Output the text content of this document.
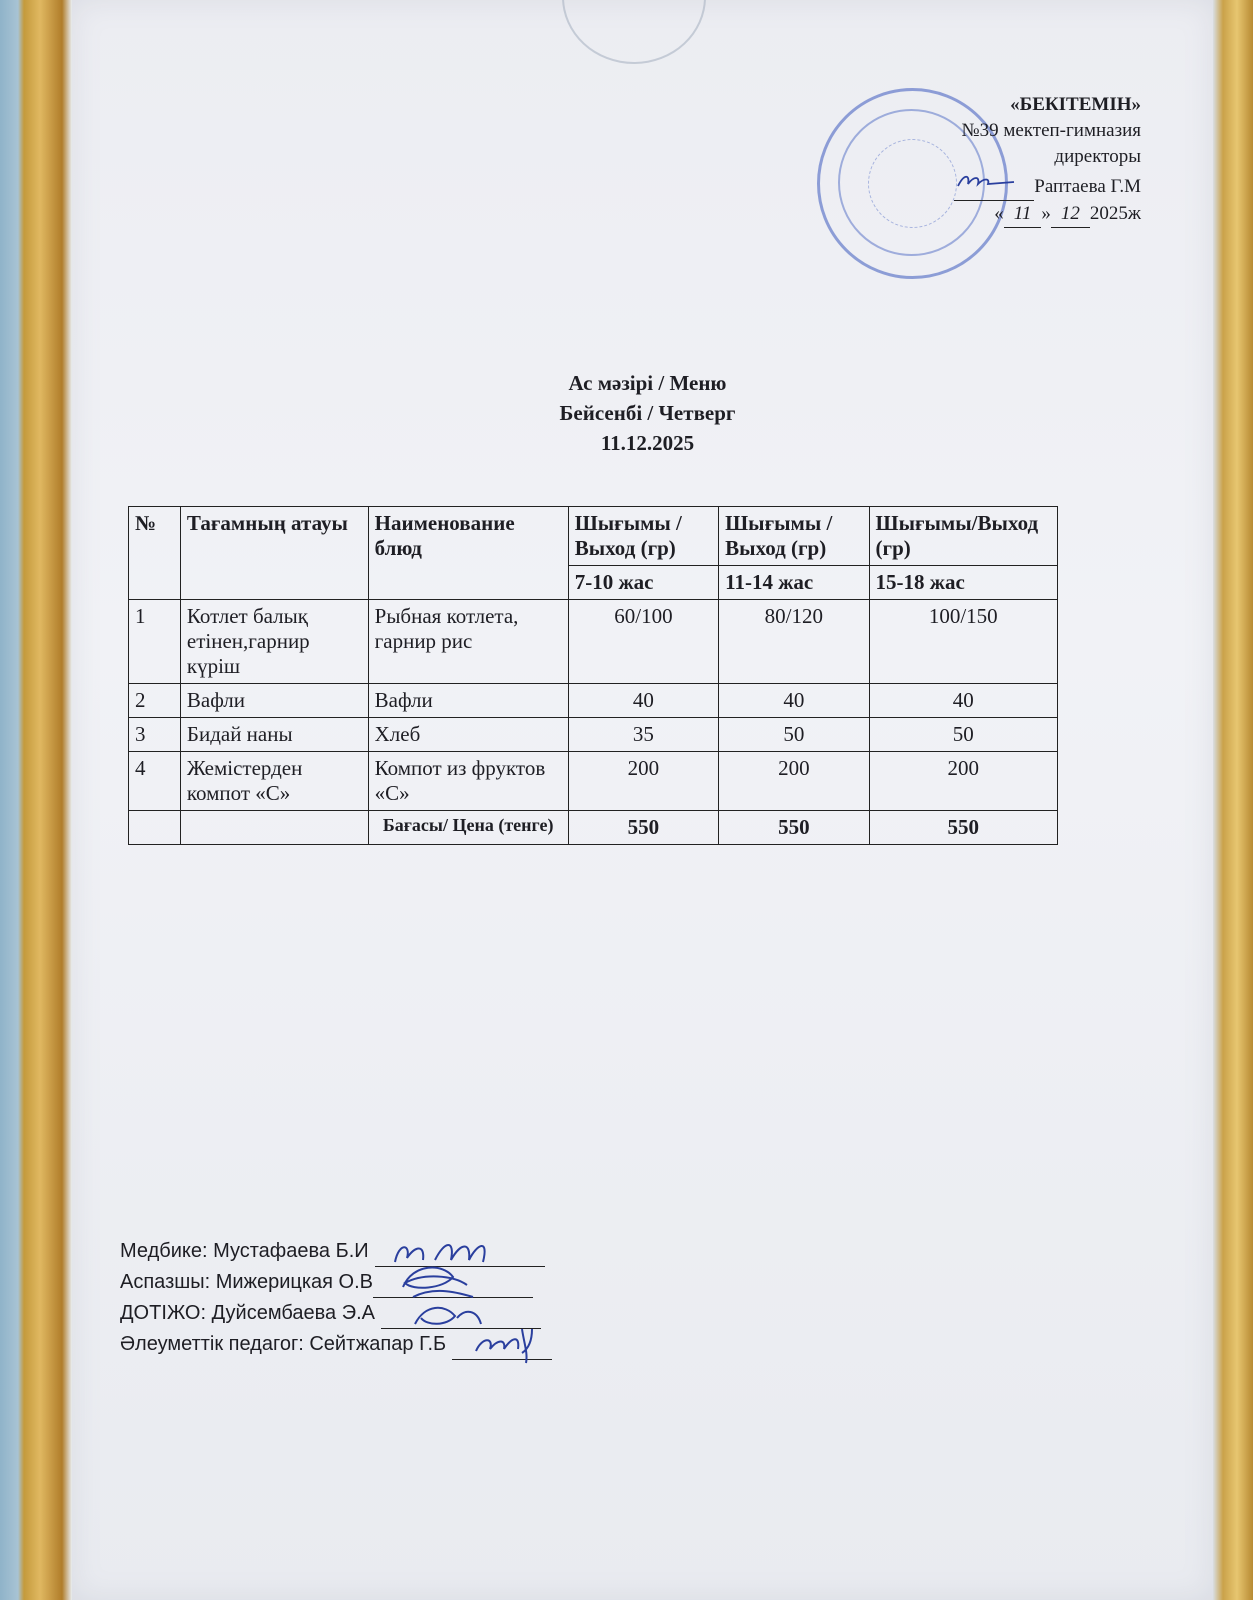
«БЕКІТЕМІН»
№39 мектеп-гимназия
директоры
Раптаева Г.М
« 11 » 12 2025ж
Ас мәзірі / Меню
Бейсенбі / Четверг
11.12.2025
№	Тағамның атауы	Наименование блюд	Шығымы /Выход (гр)	Шығымы /Выход (гр)	Шығымы/Выход (гр)
			7-10 жас	11-14 жас	15-18 жас
1	Котлет балық етінен,гарнир күріш	Рыбная котлета, гарнир рис	60/100	80/120	100/150
2	Вафли	Вафли	40	40	40
3	Бидай наны	Хлеб	35	50	50
4	Жемістерден компот «С»	Компот из фруктов «С»	200	200	200
		Бағасы/ Цена (тенге)	550	550	550
Медбике: Мустафаева Б.И
Аспазшы: Мижерицкая О.В
ДОТІЖО: Дуйсембаева Э.А
Әлеуметтік педагог: Сейтжапар Г.Б
